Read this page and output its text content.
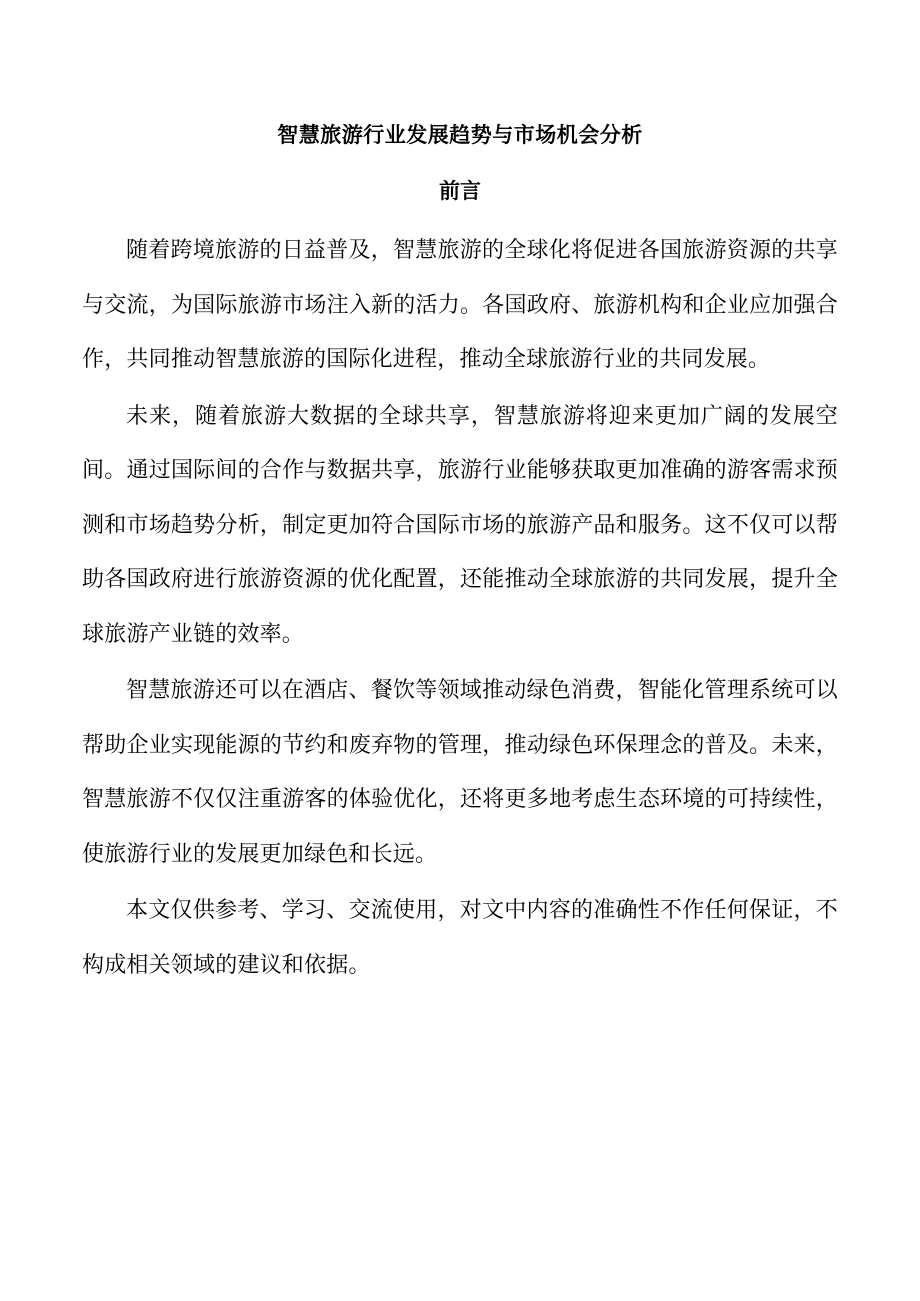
智慧旅游行业发展趋势与市场机会分析
前言

随着跨境旅游的日益普及，智慧旅游的全球化将促进各国旅游资源的共享与交流，为国际旅游市场注入新的活力。各国政府、旅游机构和企业应加强合作，共同推动智慧旅游的国际化进程，推动全球旅游行业的共同发展。

未来，随着旅游大数据的全球共享，智慧旅游将迎来更加广阔的发展空间。通过国际间的合作与数据共享，旅游行业能够获取更加准确的游客需求预测和市场趋势分析，制定更加符合国际市场的旅游产品和服务。这不仅可以帮助各国政府进行旅游资源的优化配置，还能推动全球旅游的共同发展，提升全球旅游产业链的效率。

智慧旅游还可以在酒店、餐饮等领域推动绿色消费，智能化管理系统可以帮助企业实现能源的节约和废弃物的管理，推动绿色环保理念的普及。未来，智慧旅游不仅仅注重游客的体验优化，还将更多地考虑生态环境的可持续性，使旅游行业的发展更加绿色和长远。

本文仅供参考、学习、交流使用，对文中内容的准确性不作任何保证，不构成相关领域的建议和依据。
